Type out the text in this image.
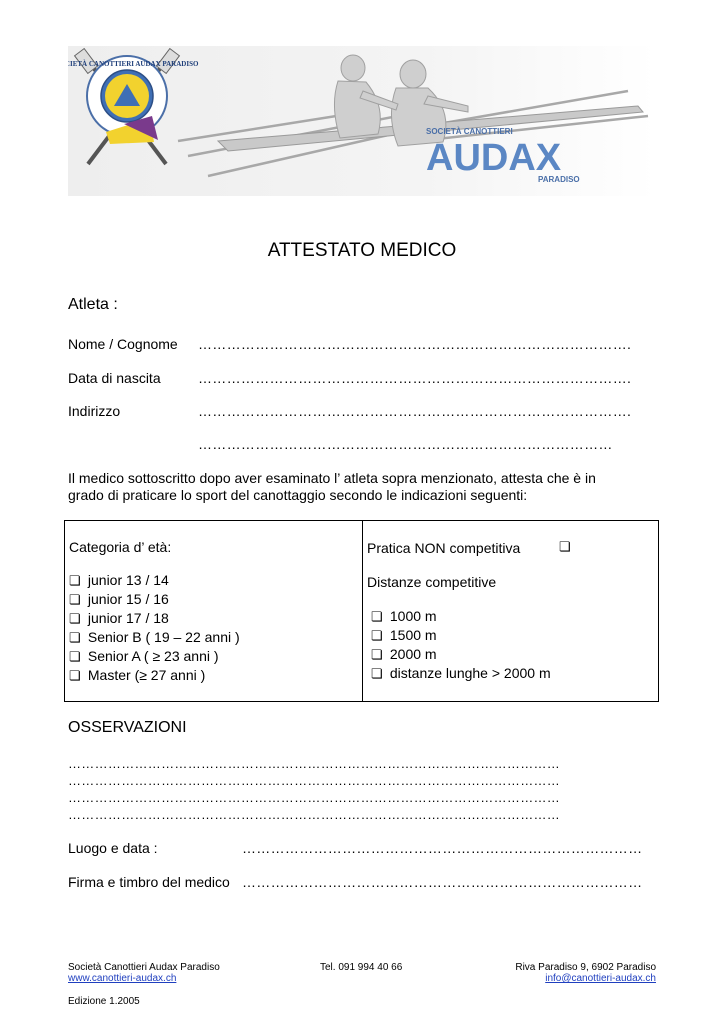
SOCIETÀ CANOTTIERI AUDAX PARADISO
SOCIETÀ CANOTTIERI
AUDAX
PARADISO
ATTESTATO MEDICO
Atleta :
Nome / Cognome ……………………………………………………………………………….
Data di nascita	……………………………………………………………………………….
Indirizzo	……………………………………………………………………………….
……………………………………………………………………………
Il medico sottoscritto dopo aver esaminato l’ atleta sopra menzionato, attesta che è in
grado di praticare lo sport del canottaggio secondo le indicazioni seguenti:
Categoria d’ età:
❏ junior 13 / 14
❏ junior 15 / 16
❏ junior 17 / 18
❏ Senior B ( 19 – 22 anni )
❏ Senior A ( ≥ 23 anni )
❏ Master (≥ 27 anni )
Pratica NON competitiva	❏
Distanze competitive
❏ 1000 m
❏ 1500 m
❏ 2000 m
❏ distanze lunghe > 2000 m
OSSERVAZIONI
…………………………………………………………………………………………………
…………………………………………………………………………………………………
…………………………………………………………………………………………………
…………………………………………………………………………………………………
Luogo e data :	…………………………………………………………………………
Firma e timbro del medico …………………………………………………………………………
Società Canottieri Audax Paradiso
www.canottieri-audax.ch
Tel. 091 994 40 66	Riva Paradiso 9, 6902 Paradiso
info@canottieri-audax.ch
Edizione 1.2005
